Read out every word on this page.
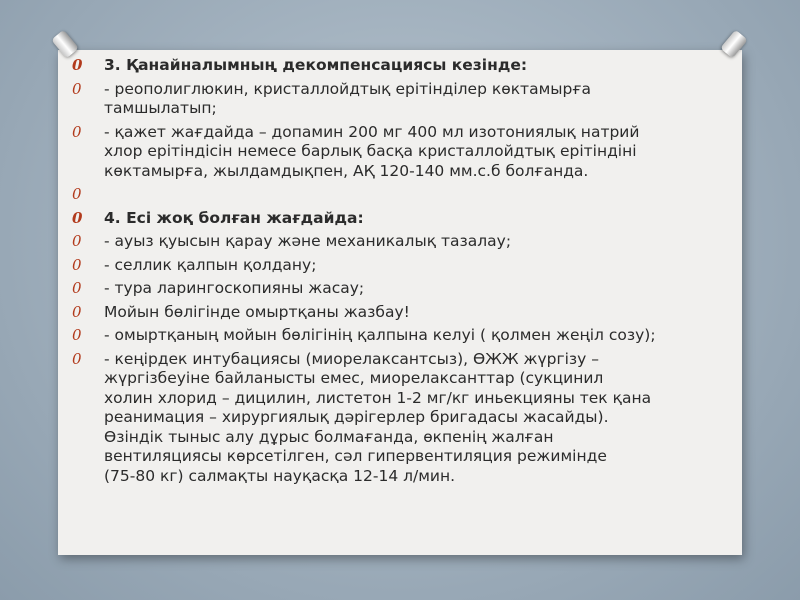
0 3. Қанайналымның декомпенсациясы кезінде:
0 - реополиглюкин, кристаллойдтық ерітінділер көктамырға
тамшылатып;
0 - қажет жағдайда – допамин 200 мг 400 мл изотониялық натрий
хлор ерітіндісін немесе барлық басқа кристаллойдтық ерітіндіні
көктамырға, жылдамдықпен, АҚ 120-140 мм.с.б болғанда.
0
0 4. Есі жоқ болған жағдайда:
0 - ауыз қуысын қарау және механикалық тазалау;
0 - селлик қалпын қолдану;
0 - тура ларингоскопияны жасау;
0 Мойын бөлігінде омыртқаны жазбау!
0 - омыртқаның мойын бөлігінің қалпына келуі ( қолмен жеңіл созу);
0 - кеңірдек интубациясы (миорелаксантсыз), ӨЖЖ жүргізу –
жүргізбеуіне байланысты емес, миорелаксанттар (сукцинил
холин хлорид – дицилин, листетон 1-2 мг/кг иньекцияны тек қана
реанимация – хирургиялық дәрігерлер бригадасы жасайды).
Өзіндік тыныс алу дұрыс болмағанда, өкпенің жалған
вентиляциясы көрсетілген, сәл гипервентиляция режимінде
(75-80 кг) салмақты науқасқа 12-14 л/мин.
